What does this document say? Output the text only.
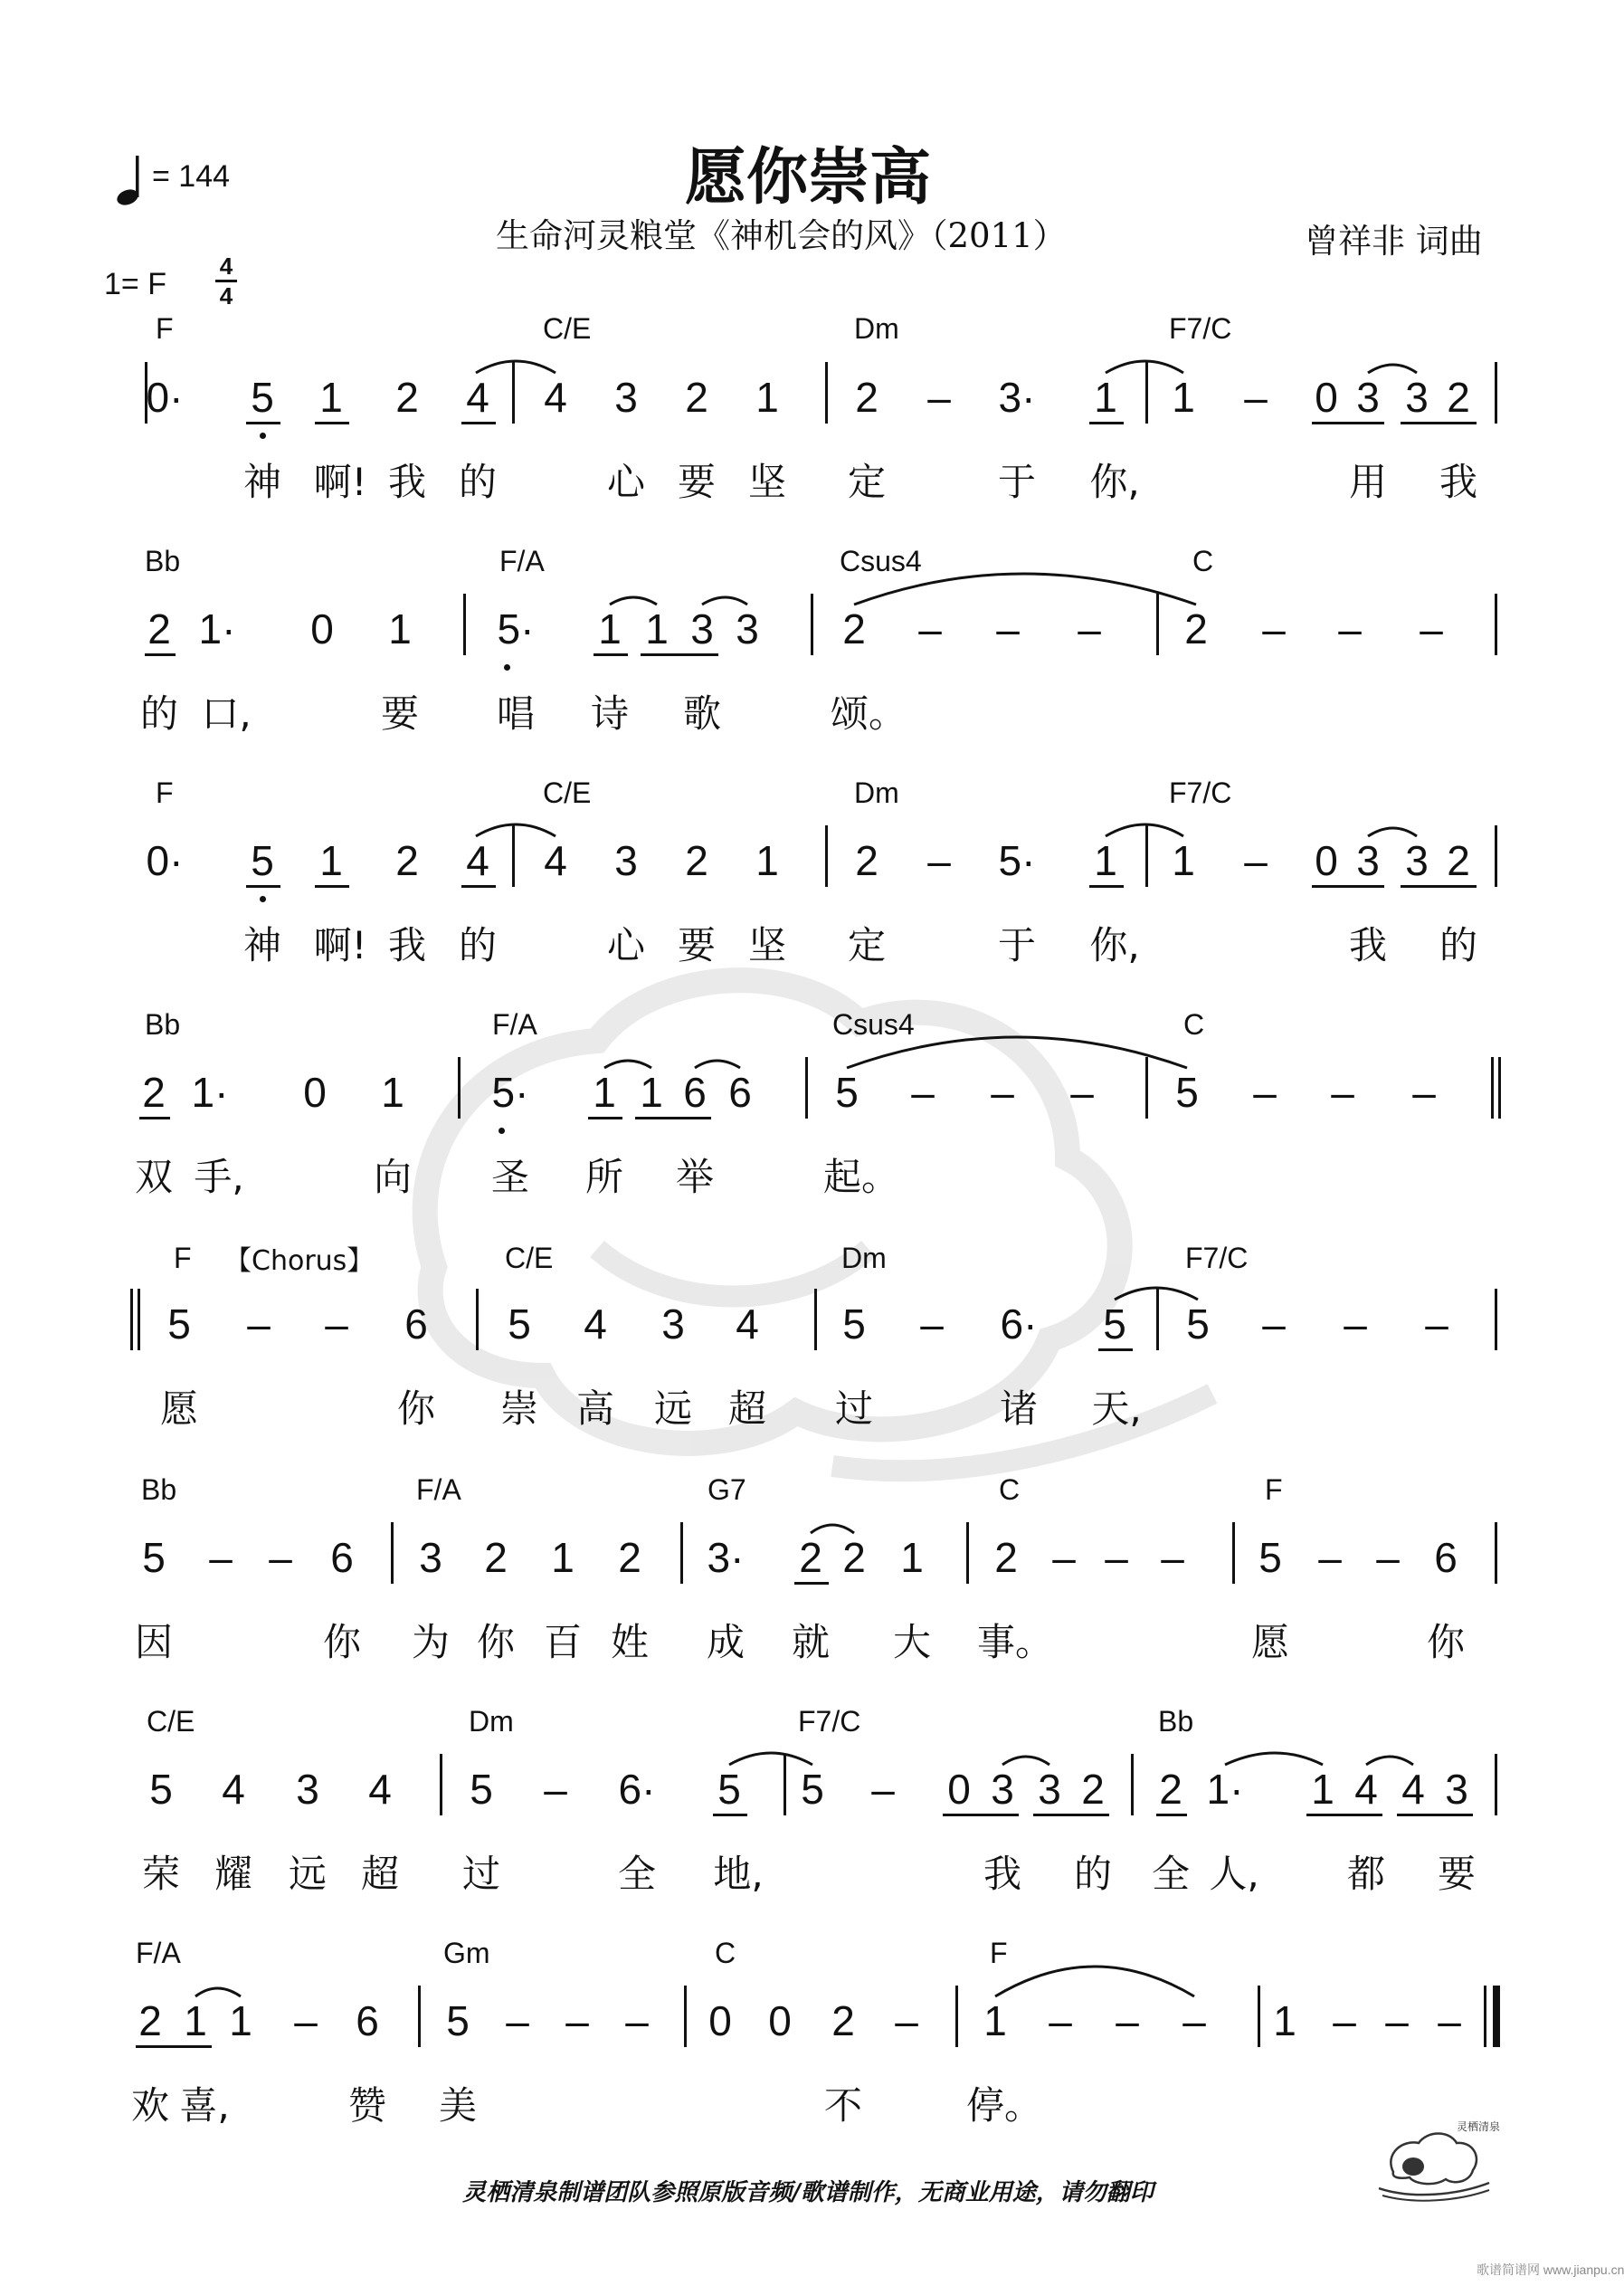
愿你崇高
生命河灵粮堂《神机会的风》（2011）	曾祥非 词曲
= 144
1= F
4
4
F	C/E	Dm	F7/C
0· 5 1 2 4 4 3 2 1 2 – 3· 1 1 – 0 3 3 2
神 啊! 我 的	心 要 坚 定	于 你,	用 我
Bb	F/A	Csus4	C
2 1· 0 1 5· 1 1 3 3 2 – – – 2 – – –
的 口,	要 唱 诗 歌	颂。
F	C/E	Dm	F7/C
0· 5 1 2 4 4 3 2 1 2 – 5· 1 1 – 0 3 3 2
神 啊! 我 的	心 要 坚 定	于 你,	我 的
Bb	F/A	Csus4	C
2 1· 0 1 5· 1 1 6 6 5 – – – 5 – – –
双 手,	向 圣 所 举	起。
F 【Chorus】	C/E	Dm	F7/C
5 – – 6 5 4 3 4 5 – 6· 5 5 – – –
愿	你 崇 高 远 超 过	诸 天,
Bb	F/A	G7	C	F
5 – – 6 3 2 1 2 3· 2 2 1 2 – – – 5 – – 6
因	你 为 你 百 姓 成 就 大 事。	愿	你
C/E	Dm	F7/C	Bb
5 4 3 4 5 – 6· 5 5 – 0 3 3 2 2 1· 1 4 4 3
荣 耀 远 超 过	全 地,	我 的 全 人, 都 要
F/A	Gm	C	F
2 1 1 – 6 5 – – – 0 0 2 – 1 – – – 1 – – –
欢 喜,	赞 美	不	停。
灵栖清泉制谱团队参照原版音频/歌谱制作，无商业用途，请勿翻印
灵栖清泉
歌谱简谱网 www.jianpu.cn
